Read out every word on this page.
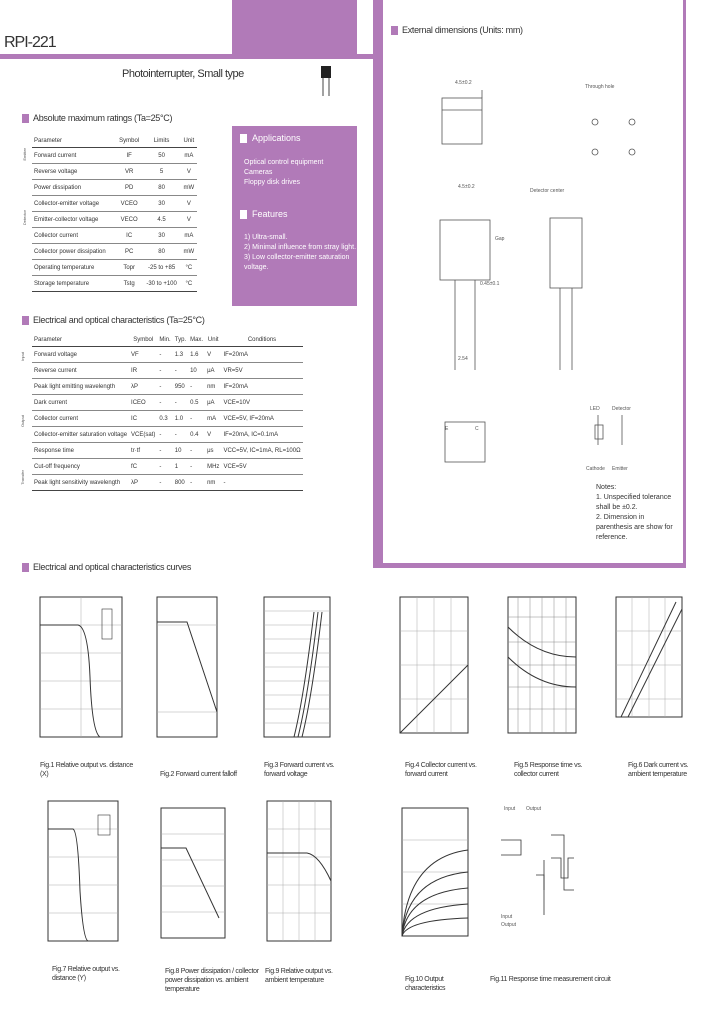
RPI-221
Photointerrupter, Small type
Absolute maximum ratings (Ta=25°C)
Emitter
Detector
Parameter	Symbol	Limits	Unit
Forward current	IF	50	mA
Reverse voltage	VR	5	V
Power dissipation	PD	80	mW
Collector-emitter voltage	VCEO	30	V
Emitter-collector voltage	VECO	4.5	V
Collector current	IC	30	mA
Collector power dissipation	PC	80	mW
Operating temperature	Topr	-25 to +85	°C
Storage temperature	Tstg	-30 to +100	°C
Applications
Optical control equipment
Cameras
Floppy disk drives
Features
1) Ultra-small.
2) Minimal influence from stray light.
3) Low collector-emitter saturation voltage.
Electrical and optical characteristics (Ta=25°C)
Input
Output
Transfer
Parameter	Symbol	Min.	Typ.	Max.	Unit	Conditions
Forward voltage	VF	-	1.3	1.6	V	IF=20mA
Reverse current	IR	-	-	10	μA	VR=5V
Peak light emitting wavelength	λP	-	950	-	nm	IF=20mA
Dark current	ICEO	-	-	0.5	μA	VCE=10V
Collector current	IC	0.3	1.0	-	mA	VCE=5V, IF=20mA
Collector-emitter saturation voltage	VCE(sat)	-	-	0.4	V	IF=20mA, IC=0.1mA
Response time	tr·tf	-	10	-	μs	VCC=5V, IC=1mA, RL=100Ω
Cut-off frequency	fC	-	1	-	MHz	VCE=5V
Peak light sensitivity wavelength	λP	-	800	-	nm	-
External dimensions (Units: mm)
4.5±0.2
Through hole
4.5±0.2
Detector center
Gap
0.45±0.1
2.54
E	C
LED Detector
Cathode Emitter
Notes:
1. Unspecified tolerance shall be ±0.2.
2. Dimension in parenthesis are show for reference.
Electrical and optical characteristics curves
Fig.1 Relative output vs. distance (X)	Fig.2 Forward current falloff
Fig.3 Forward current vs. forward voltage
Fig.4 Collector current vs. forward current
Fig.5 Response time vs. collector current
Fig.6 Dark current vs. ambient temperature
Fig.7 Relative output vs. distance (Y)
Fig.8 Power dissipation / collector power dissipation vs. ambient temperature
Fig.9 Relative output vs. ambient temperature	Fig.10 Output characteristics
Input Output
Input
Output
Fig.11 Response time measurement circuit
